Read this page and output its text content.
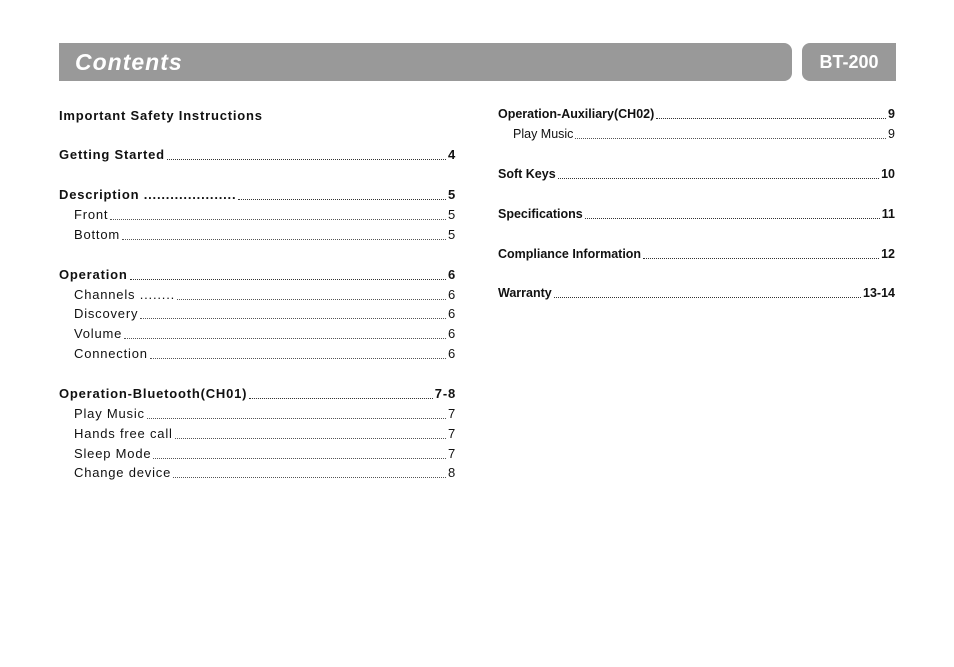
Contents	BT-200
Important Safety Instructions
Getting Started	4
Description .....................	5
Front	5
Bottom	5
Operation	6
Channels ........	6
Discovery	6
Volume	6
Connection	6
Operation-Bluetooth(CH01)	7-8
Play Music	7
Hands free call	7
Sleep Mode	7
Change device	8
Operation-Auxiliary(CH02)	9
Play Music	9
Soft Keys	10
Specifications	11
Compliance Information	12
Warranty	13-14
